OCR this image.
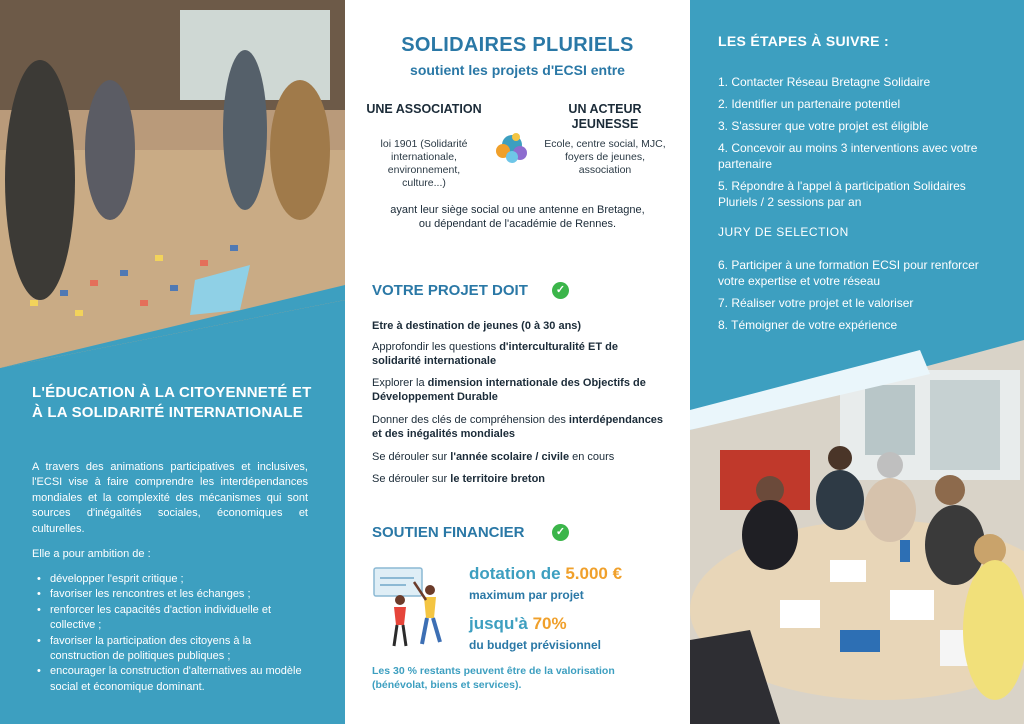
L'ÉDUCATION À LA CITOYENNETÉ ET À LA SOLIDARITÉ INTERNATIONALE
A travers des animations participatives et inclusives, l'ECSI vise à faire comprendre les interdépendances mondiales et la complexité des mécanismes qui sont sources d'inégalités sociales, économiques et culturelles.
Elle a pour ambition de :
• développer l'esprit critique ;
• favoriser les rencontres et les échanges ;
• renforcer les capacités d'action individuelle et collective ;
• favoriser la participation des citoyens à la construction de politiques publiques ;
• encourager la construction d'alternatives au modèle social et économique dominant.
SOLIDAIRES PLURIELS
soutient les projets d'ECSI entre
UNE ASSOCIATION
loi 1901 (Solidarité internationale, environnement, culture...)
UN ACTEUR JEUNESSE
Ecole, centre social, MJC, foyers de jeunes, association
ayant leur siège social ou une antenne en Bretagne, ou dépendant de l'académie de Rennes.
VOTRE PROJET DOIT	✓
Etre à destination de jeunes (0 à 30 ans)
Approfondir les questions d'interculturalité ET de solidarité internationale
Explorer la dimension internationale des Objectifs de Développement Durable
Donner des clés de compréhension des interdépendances et des inégalités mondiales
Se dérouler sur l'année scolaire / civile en cours
Se dérouler sur le territoire breton
SOUTIEN FINANCIER	✓
dotation de 5.000 €
maximum par projet
jusqu'à 70%
du budget prévisionnel
Les 30 % restants peuvent être de la valorisation (bénévolat, biens et services).
LES ÉTAPES À SUIVRE :
1. Contacter Réseau Bretagne Solidaire
2. Identifier un partenaire potentiel
3. S'assurer que votre projet est éligible
4. Concevoir au moins 3 interventions avec votre partenaire
5. Répondre à l'appel à participation Solidaires Pluriels / 2 sessions par an
JURY DE SELECTION
6. Participer à une formation ECSI pour renforcer votre expertise et votre réseau
7. Réaliser votre projet et le valoriser
8. Témoigner de votre expérience
